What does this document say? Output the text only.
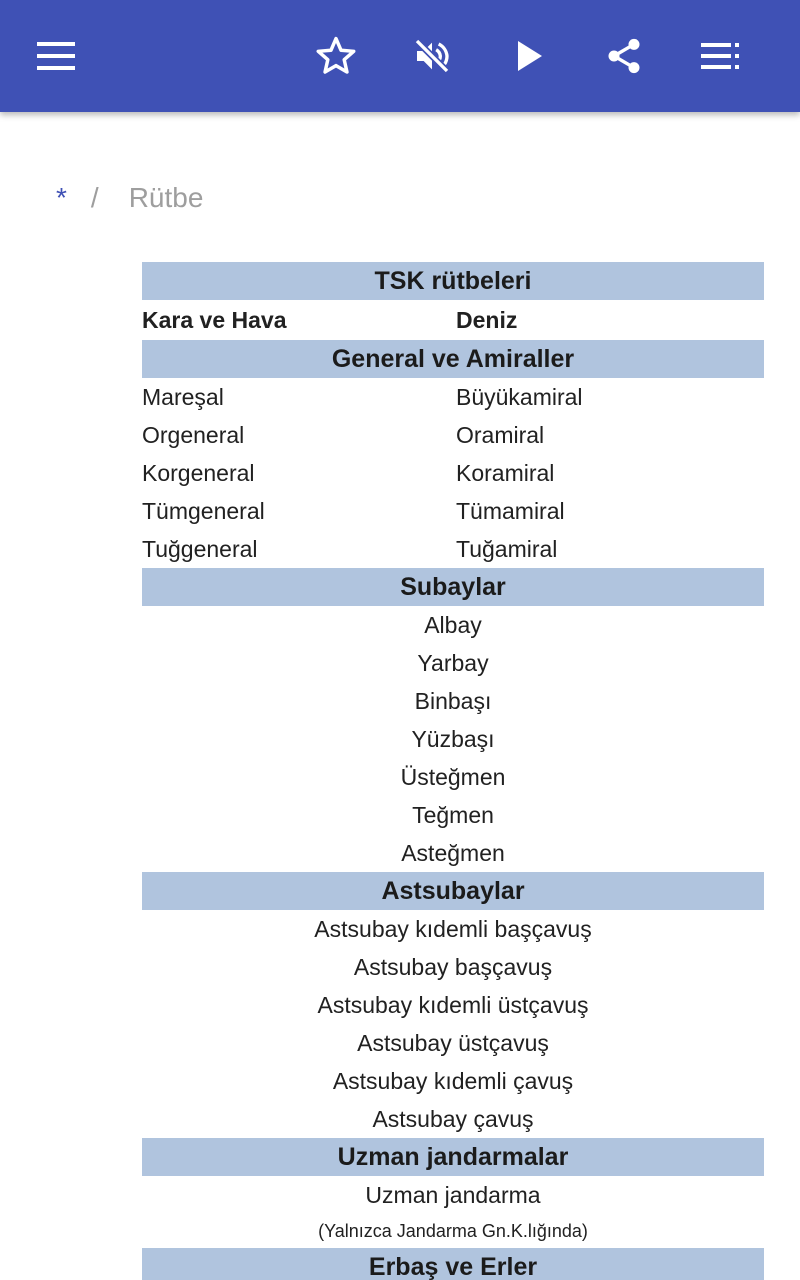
* / Rütbe
TSK rütbeleri	
Kara ve Hava	Deniz
General ve Amiraller	
Mareşal	Büyükamiral
Orgeneral	Oramiral
Korgeneral	Koramiral
Tümgeneral	Tümamiral
Tuğgeneral	Tuğamiral
Subaylar	
Albay	
Yarbay	
Binbaşı	
Yüzbaşı	
Üsteğmen	
Teğmen	
Asteğmen	
Astsubaylar	
Astsubay kıdemli başçavuş	
Astsubay başçavuş	
Astsubay kıdemli üstçavuş	
Astsubay üstçavuş	
Astsubay kıdemli çavuş	
Astsubay çavuş	
Uzman jandarmalar	
Uzman jandarma	
(Yalnızca Jandarma Gn.K.lığında)	
Erbaş ve Erler	
